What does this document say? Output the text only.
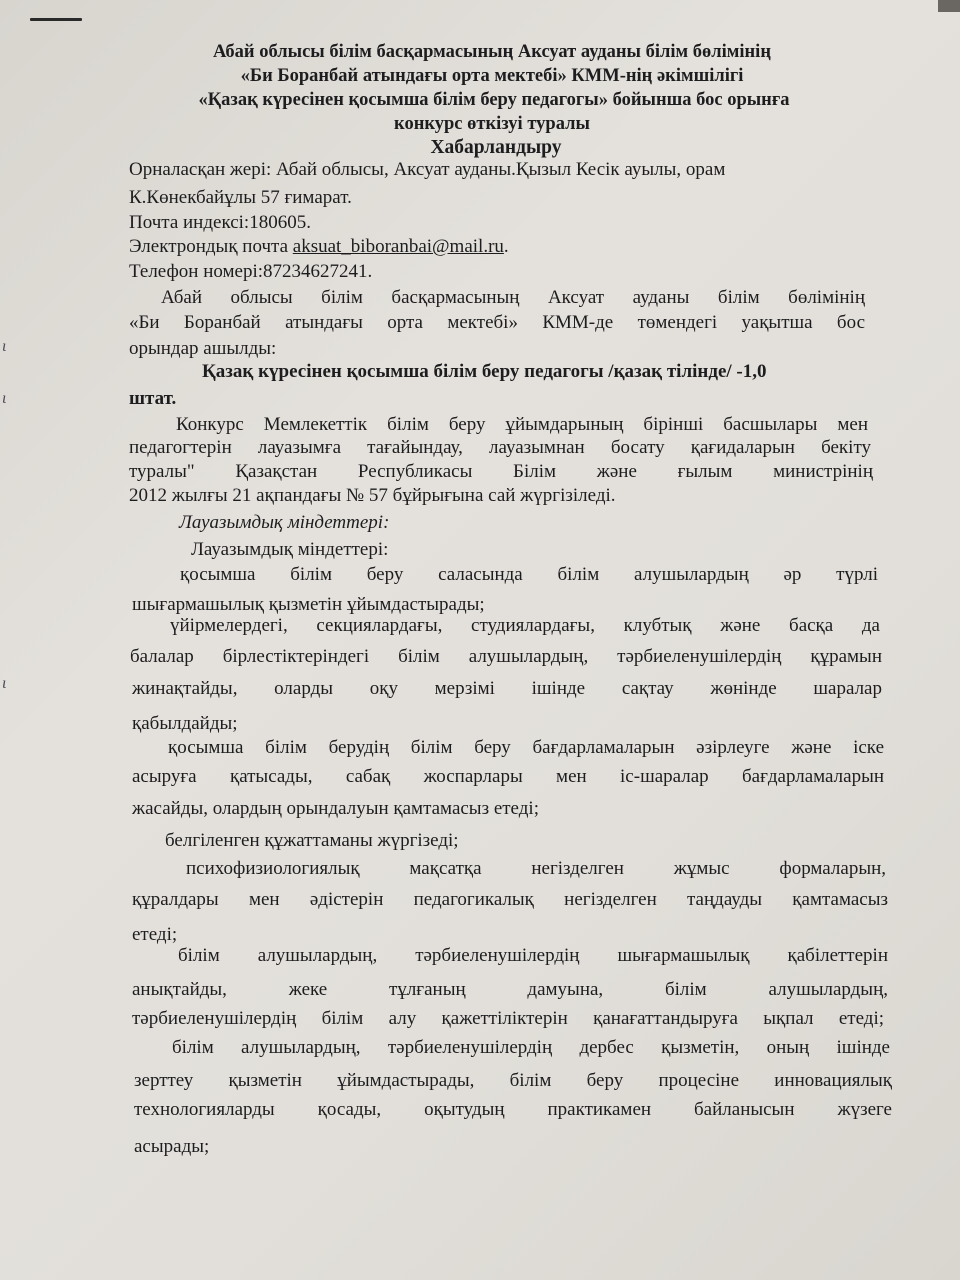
ι
ι
ι
Абай облысы білім басқармасының Аксуат ауданы білім бөлімінің
«Би Боранбай атындағы орта мектебі» КММ-нің әкімшілігі
«Қазақ күресінен қосымша білім беру педагогы» бойынша бос орынға
конкурс өткізуі туралы
Хабарландыру
Орналасқан жері: Абай облысы, Аксуат ауданы.Қызыл Кесік ауылы, орам
К.Көнекбайұлы 57 ғимарат.
Почта индексі:180605.
Электрондық почта aksuat_biboranbai@mail.ru.
Телефон номері:87234627241.
Абай облысы білім басқармасының Аксуат ауданы білім бөлімінің
«Би Боранбай атындағы орта мектебі» КММ-де төмендегі уақытша бос
орындар ашылды:
Қазақ күресінен қосымша білім беру педагогы /қазақ тілінде/ -1,0
штат.
Конкурс Мемлекеттік білім беру ұйымдарының бірінші басшылары мен
педагогтерін лауазымға тағайындау, лауазымнан босату қағидаларын бекіту
туралы" Қазақстан Республикасы Білім және ғылым министрінің
2012 жылғы 21 ақпандағы № 57 бұйрығына сай жүргізіледі.
Лауазымдық міндеттері:
Лауазымдық міндеттері:
қосымша білім беру саласында білім алушылардың әр түрлі
шығармашылық қызметін ұйымдастырады;
үйірмелердегі, секциялардағы, студиялардағы, клубтық және басқа да
балалар бірлестіктеріндегі білім алушылардың, тәрбиеленушілердің құрамын
жинақтайды, оларды оқу мерзімі ішінде сақтау жөнінде шаралар
қабылдайды;
қосымша білім берудің білім беру бағдарламаларын әзірлеуге және іске
асыруға қатысады, сабақ жоспарлары мен іс-шаралар бағдарламаларын
жасайды, олардың орындалуын қамтамасыз етеді;
белгіленген құжаттаманы жүргізеді;
психофизиологиялық мақсатқа негізделген жұмыс формаларын,
құралдары мен әдістерін педагогикалық негізделген таңдауды қамтамасыз
етеді;
білім алушылардың, тәрбиеленушілердің шығармашылық қабілеттерін
анықтайды, жеке тұлғаның дамуына, білім алушылардың,
тәрбиеленушілердің білім алу қажеттіліктерін қанағаттандыруға ықпал етеді;
білім алушылардың, тәрбиеленушілердің дербес қызметін, оның ішінде
зерттеу қызметін ұйымдастырады, білім беру процесіне инновациялық
технологияларды қосады, оқытудың практикамен байланысын жүзеге
асырады;
